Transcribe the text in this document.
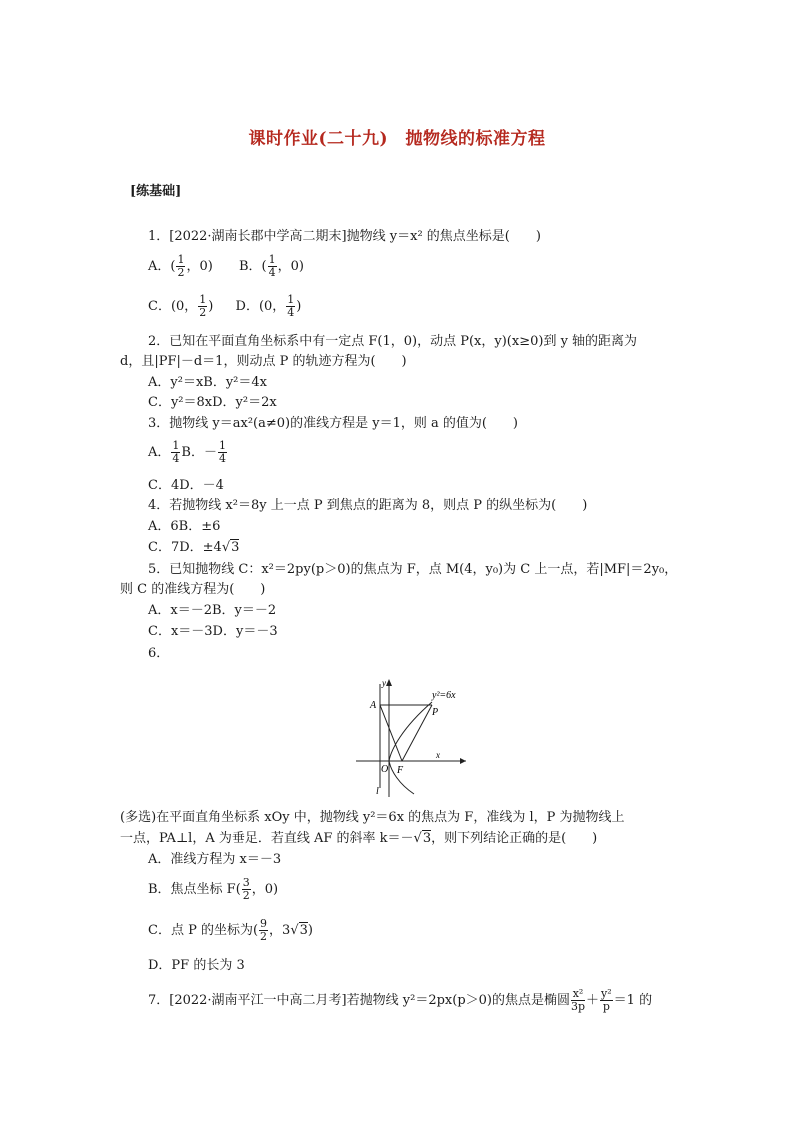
课时作业(二十九)　抛物线的标准方程
[练基础]
1．[2022·湖南长郡中学高二期末]抛物线 y＝x² 的焦点坐标是(　　)
A．( $\frac{1}{2}$ ，0) B．( $\frac{1}{4}$ ，0)
C．(0， $\frac{1}{2}$ ) D．(0， $\frac{1}{4}$ )
2．已知在平面直角坐标系中有一定点 F(1，0)，动点 P(x，y)(x≥0)到 y 轴的距离为
d，且|PF|－d＝1，则动点 P 的轨迹方程为(　　)
A．y²＝xB．y²＝4x
C．y²＝8xD．y²＝2x
3．抛物线 y＝ax²(a≠0)的准线方程是 y＝1，则 a 的值为(　　)
A． $\frac{1}{4}$ B．－ $\frac{1}{4}$
C．4D．－4
4．若抛物线 x²＝8y 上一点 P 到焦点的距离为 8，则点 P 的纵坐标为(　　)
A．6B．±6
C．7D．±4√3
5．已知抛物线 C：x²＝2py(p＞0)的焦点为 F，点 M(4，y₀)为 C 上一点，若|MF|＝2y₀，
则 C 的准线方程为(　　)
A．x＝－2B．y＝－2
C．x＝－3D．y＝－3
6．
y²=6x
y
x
A
P
O F
l
(多选)在平面直角坐标系 xOy 中，抛物线 y²＝6x 的焦点为 F，准线为 l，P 为抛物线上
一点，PA⊥l，A 为垂足．若直线 AF 的斜率 k＝－√3，则下列结论正确的是(　　)
A．准线方程为 x＝－3
B．焦点坐标 $F( \frac{3}{2}$ ，0)
C．点 P 的坐标为( $\frac{9}{2}$ ，3√3)
D．PF 的长为 3
7．[2022·湖南平江一中高二月考]若抛物线 y²＝2px(p＞0)的焦点是椭圆 $\frac{\text{x²}}{3p} + \frac{\text{y²}}{p} =1$ 的
